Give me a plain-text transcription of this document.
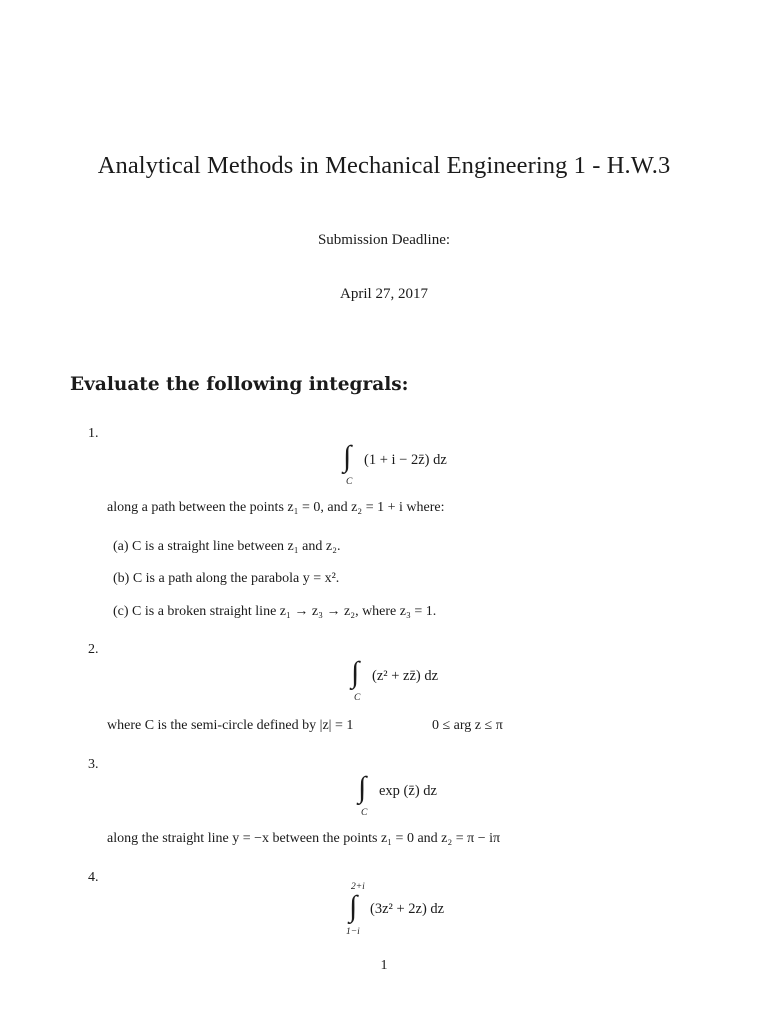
Analytical Methods in Mechanical Engineering 1 - H.W.3
Submission Deadline:
April 27, 2017
Evaluate the following integrals:
1.
∫
C
(1 + i − 2z̄) dz
along a path between the points z₁ = 0, and z₂ = 1 + i where:
(a) C is a straight line between z₁ and z₂.
(b) C is a path along the parabola y = x².
(c) C is a broken straight line z₁ → z₃ → z₂, where z₃ = 1.
2.
∫
C
(z² + zz̄) dz
where C is the semi-circle defined by |z| = 1	0 ≤ arg z ≤ π
3.
∫
C
exp (z̄) dz
along the straight line y = −x between the points z₁ = 0 and z₂ = π − iπ
4.
2+i
∫
1−i
(3z² + 2z) dz
1
